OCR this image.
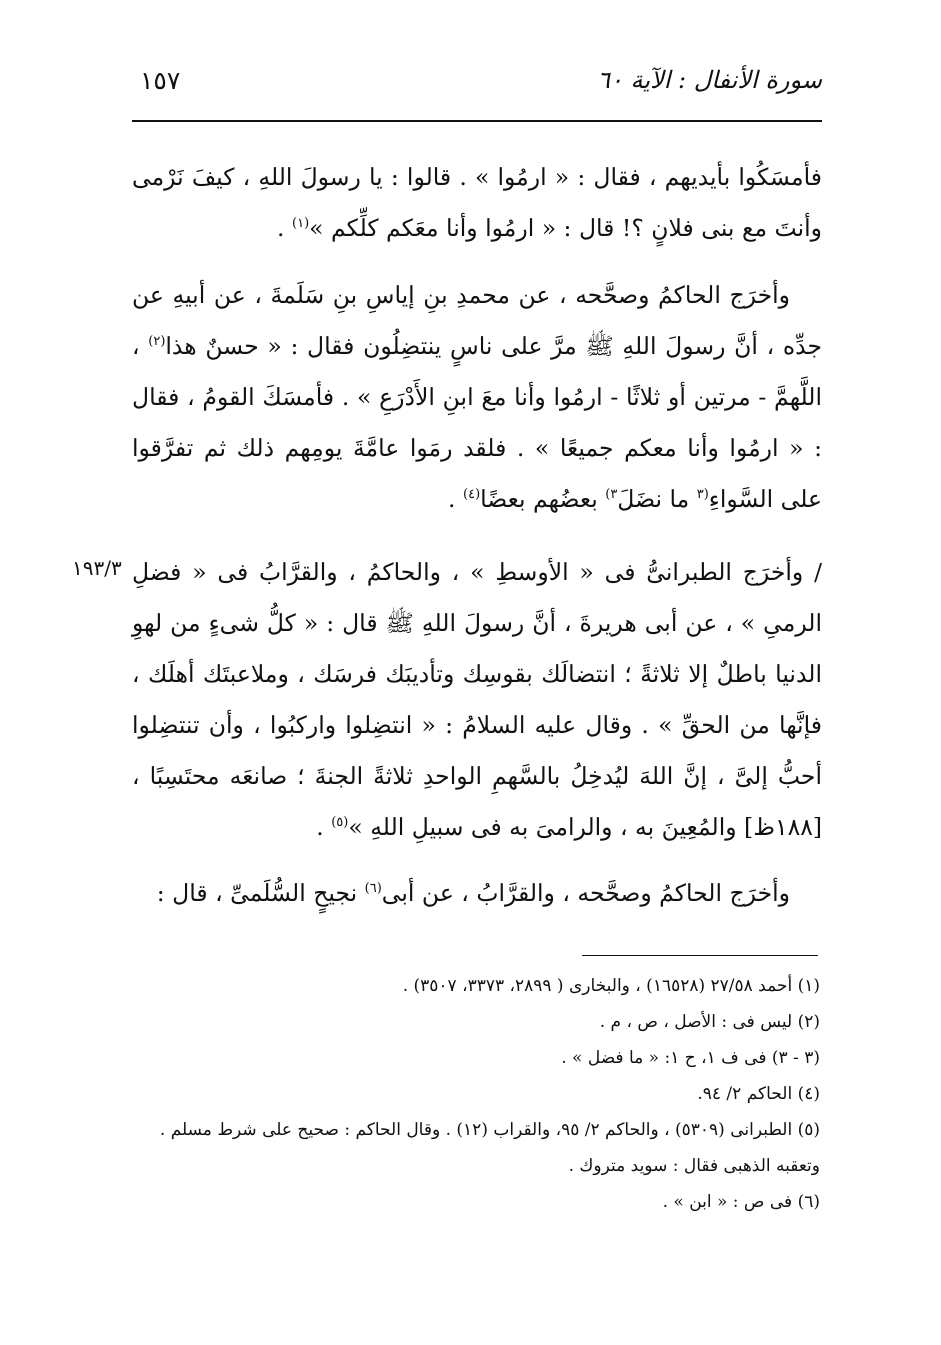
سورة الأنفال : الآية ٦٠
١٥٧

فأمسَكُوا بأيديهم ، فقال : « ارمُوا » . قالوا : يا رسولَ اللهِ ، كيفَ نَرْمى وأنتَ مع بنى فلانٍ ؟! قال : « ارمُوا وأنا معَكم كلِّكم »$^{(١)}$ .

وأخرَج الحاكمُ وصحَّحه ، عن محمدِ بنِ إياسِ بنِ سَلَمةَ ، عن أبيهِ عن جدِّه ، أنَّ رسولَ اللهِ ﷺ مرَّ على ناسٍ ينتضِلُون فقال : « حسنٌ هذا$^{(٢)}$ ، اللَّهمَّ - مرتين أو ثلاثًا - ارمُوا وأنا معَ ابنِ الأَدْرَعِ » . فأمسَكَ القومُ ، فقال : « ارمُوا وأنا معكم جميعًا » . فلقد رمَوا عامَّةَ يومِهم ذلك ثم تفرَّقوا على السَّواءِ$^{(٣}$ ما نضَلَ$^{٣)}$ بعضُهم بعضًا$^{(٤)}$ .

١٩٣/٣ / وأخرَج الطبرانىُّ فى « الأوسطِ » ، والحاكمُ ، والقرَّابُ فى « فضلِ الرمىِ » ، عن أبى هريرةَ ، أنَّ رسولَ اللهِ ﷺ قال : « كلُّ شىءٍ من لهوِ الدنيا باطلٌ إلا ثلاثةً ؛ انتضالَك بقوسِك وتأديبَك فرسَك ، وملاعبتَك أهلَك ، فإنَّها من الحقِّ » . وقال عليه السلامُ : « انتضِلوا واركبُوا ، وأن تنتضِلوا أحبُّ إلىَّ ، إنَّ اللهَ ليُدخِلُ بالسَّهمِ الواحدِ ثلاثةً الجنةَ ؛ صانعَه محتَسِبًا ، [١٨٨ظ] والمُعِينَ به ، والرامىَ به فى سبيلِ اللهِ »$^{(٥)}$ .

وأخرَج الحاكمُ وصحَّحه ، والقرَّابُ ، عن أبى$^{(٦)}$ نجيحٍ السُّلَمىِّ ، قال :

(١) أحمد ٢٧/٥٨ (١٦٥٢٨) ، والبخارى ( ٢٨٩٩، ٣٣٧٣، ٣٥٠٧) .

(٢) ليس فى : الأصل ، ص ، م .

(٣ - ٣) فى ف ١، ح ١: « ما فضل » .

(٤) الحاكم ٢/ ٩٤.

(٥) الطبرانى (٥٣٠٩) ، والحاكم ٢/ ٩٥، والقراب (١٢) . وقال الحاكم : صحيح على شرط مسلم .

وتعقبه الذهبى فقال : سويد متروك .

(٦) فى ص : « ابن » .
